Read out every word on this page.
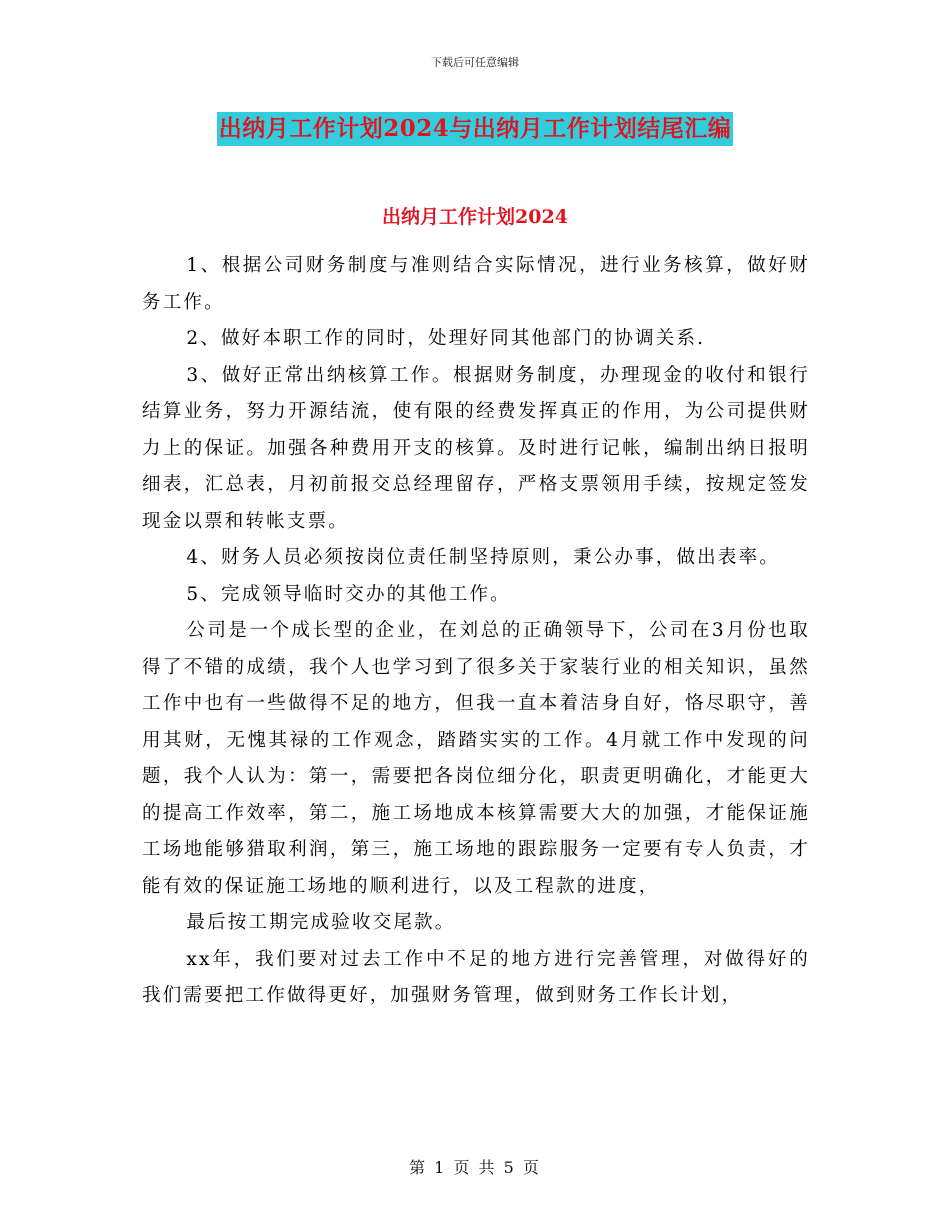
下载后可任意编辑
出纳月工作计划2024与出纳月工作计划结尾汇编
出纳月工作计划2024

1、根据公司财务制度与准则结合实际情况，进行业务核算，做好财务工作。

2、做好本职工作的同时，处理好同其他部门的协调关系.

3、做好正常出纳核算工作。根据财务制度，办理现金的收付和银行结算业务，努力开源结流，使有限的经费发挥真正的作用，为公司提供财力上的保证。加强各种费用开支的核算。及时进行记帐，编制出纳日报明细表，汇总表，月初前报交总经理留存，严格支票领用手续，按规定签发现金以票和转帐支票。

4、财务人员必须按岗位责任制坚持原则，秉公办事，做出表率。

5、完成领导临时交办的其他工作。

公司是一个成长型的企业，在刘总的正确领导下，公司在3月份也取得了不错的成绩，我个人也学习到了很多关于家装行业的相关知识，虽然工作中也有一些做得不足的地方，但我一直本着洁身自好，恪尽职守，善用其财，无愧其禄的工作观念，踏踏实实的工作。4月就工作中发现的问题，我个人认为：第一，需要把各岗位细分化，职责更明确化，才能更大的提高工作效率，第二，施工场地成本核算需要大大的加强，才能保证施工场地能够猎取利润，第三，施工场地的跟踪服务一定要有专人负责，才能有效的保证施工场地的顺利进行，以及工程款的进度，

最后按工期完成验收交尾款。

xx年，我们要对过去工作中不足的地方进行完善管理，对做得好的我们需要把工作做得更好，加强财务管理，做到财务工作长计划，

第 1 页 共 5 页
